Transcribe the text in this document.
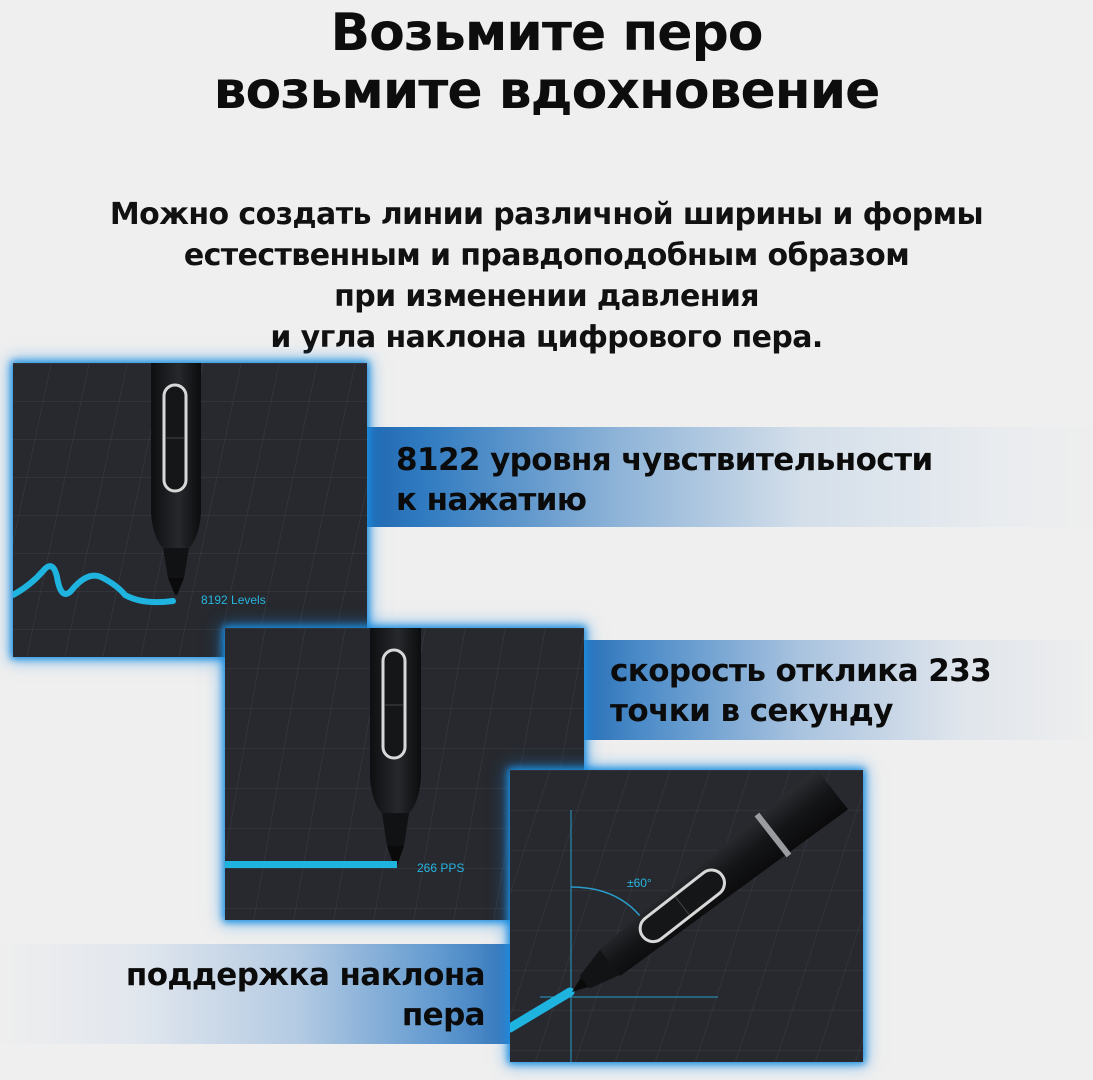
Возьмите перо
возьмите вдохновение
Можно создать линии различной ширины и формы
естественным и правдоподобным образом
при изменении давления
и угла наклона цифрового пера.
8122 уровня чувствительности
к нажатию
скорость отклика 233
точки в секунду
поддержка наклона
пера
8192 Levels
266 PPS
±60°
